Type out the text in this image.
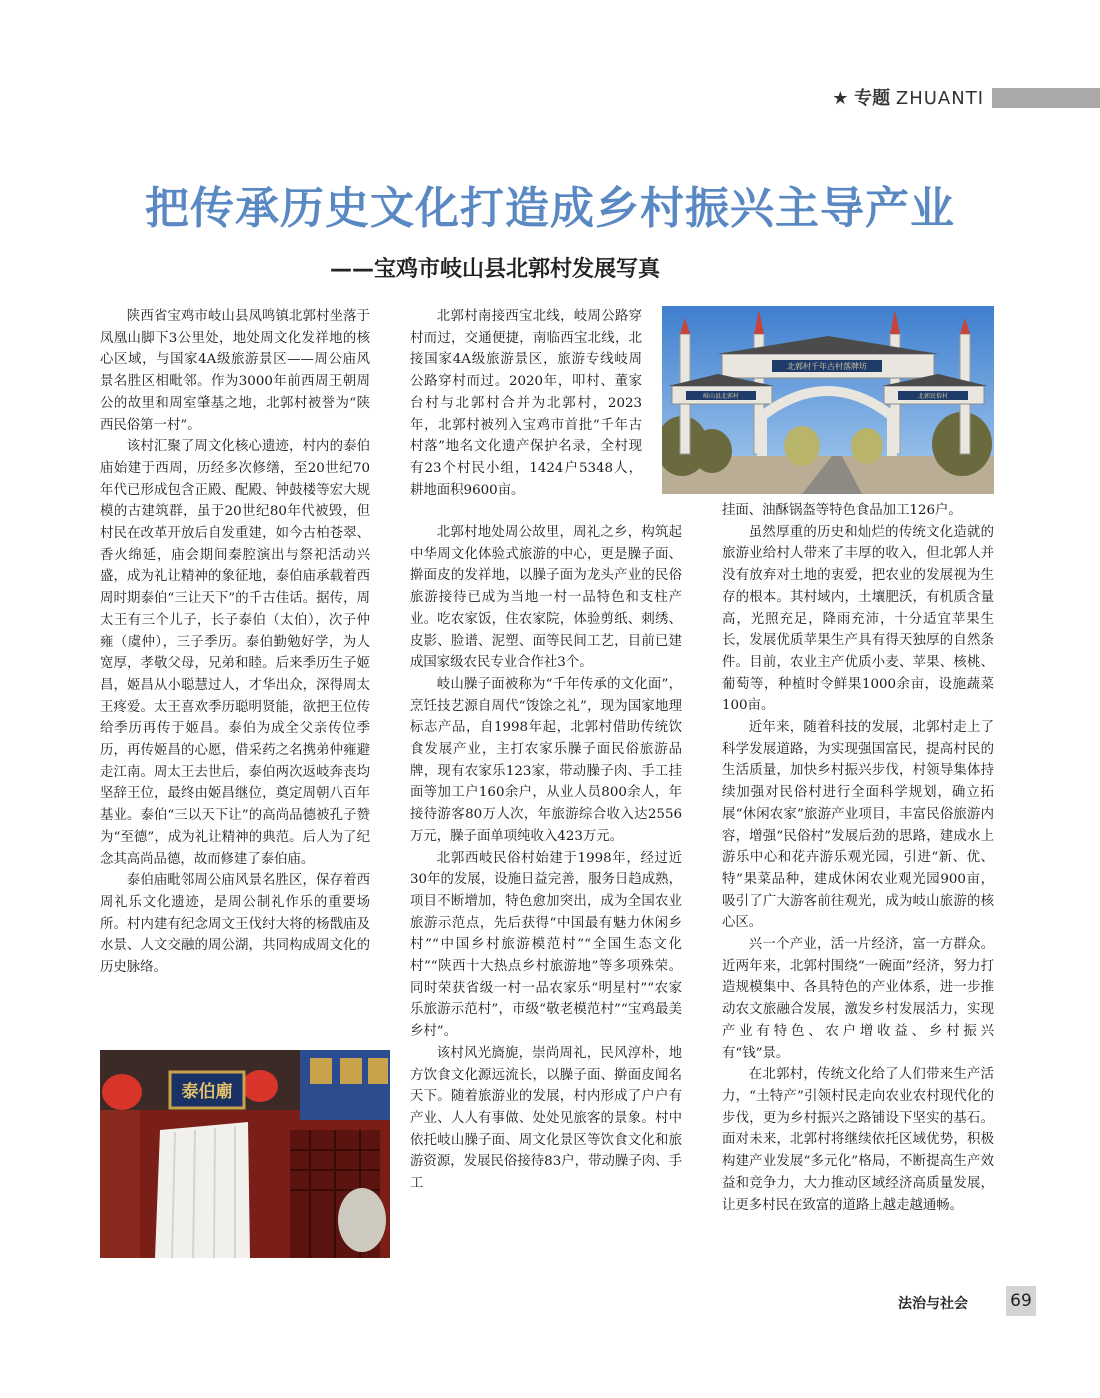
★ 专题 ZHUANTI
把传承历史文化打造成乡村振兴主导产业
——宝鸡市岐山县北郭村发展写真

陕西省宝鸡市岐山县凤鸣镇北郭村坐落于凤凰山脚下3公里处，地处周文化发祥地的核心区域，与国家4A级旅游景区——周公庙风景名胜区相毗邻。作为3000年前西周王朝周公的故里和周室肇基之地，北郭村被誉为“陕西民俗第一村”。

该村汇聚了周文化核心遗迹，村内的泰伯庙始建于西周，历经多次修缮，至20世纪70年代已形成包含正殿、配殿、钟鼓楼等宏大规模的古建筑群，虽于20世纪80年代被毁，但村民在改革开放后自发重建，如今古柏苍翠、香火绵延，庙会期间秦腔演出与祭祀活动兴盛，成为礼让精神的象征地，泰伯庙承载着西周时期泰伯“三让天下”的千古佳话。据传，周太王有三个儿子，长子泰伯（太伯），次子仲雍（虞仲），三子季历。泰伯勤勉好学，为人宽厚，孝敬父母，兄弟和睦。后来季历生子姬昌，姬昌从小聪慧过人，才华出众，深得周太王疼爱。太王喜欢季历聪明贤能，欲把王位传给季历再传于姬昌。泰伯为成全父亲传位季历，再传姬昌的心愿，借采药之名携弟仲雍避走江南。周太王去世后，泰伯两次返岐奔丧均坚辞王位，最终由姬昌继位，奠定周朝八百年基业。泰伯“三以天下让”的高尚品德被孔子赞为“至德”，成为礼让精神的典范。后人为了纪念其高尚品德，故而修建了泰伯庙。

泰伯庙毗邻周公庙风景名胜区，保存着西周礼乐文化遗迹，是周公制礼作乐的重要场所。村内建有纪念周文王伐纣大将的杨戬庙及水景、人文交融的周公湖，共同构成周文化的历史脉络。

北郭村南接西宝北线，岐周公路穿村而过，交通便捷，南临西宝北线，北接国家4A级旅游景区，旅游专线岐周公路穿村而过。2020年，叩村、董家台村与北郭村合并为北郭村，2023年，北郭村被列入宝鸡市首批“千年古村落”地名文化遗产保护名录，全村现有23个村民小组，1424户5348人，耕地面积9600亩。

北郭村地处周公故里，周礼之乡，构筑起中华周文化体验式旅游的中心，更是臊子面、擀面皮的发祥地，以臊子面为龙头产业的民俗旅游接待已成为当地一村一品特色和支柱产业。吃农家饭，住农家院，体验剪纸、刺绣、皮影、脸谱、泥塑、面等民间工艺，目前已建成国家级农民专业合作社3个。

岐山臊子面被称为“千年传承的文化面”，烹饪技艺源自周代“馂馀之礼”，现为国家地理标志产品，自1998年起，北郭村借助传统饮食发展产业，主打农家乐臊子面民俗旅游品牌，现有农家乐123家，带动臊子肉、手工挂面等加工户160余户，从业人员800余人，年接待游客80万人次，年旅游综合收入达2556万元，臊子面单项纯收入423万元。

北郭西岐民俗村始建于1998年，经过近30年的发展，设施日益完善，服务日趋成熟，项目不断增加，特色愈加突出，成为全国农业旅游示范点，先后获得“中国最有魅力休闲乡村”“中国乡村旅游模范村”“全国生态文化村”“陕西十大热点乡村旅游地”等多项殊荣。同时荣获省级一村一品农家乐“明星村”“农家乐旅游示范村”，市级“敬老模范村”“宝鸡最美乡村”。

该村风光旖旎，崇尚周礼，民风淳朴，地方饮食文化源远流长，以臊子面、擀面皮闻名天下。随着旅游业的发展，村内形成了户户有产业、人人有事做、处处见旅客的景象。村中依托岐山臊子面、周文化景区等饮食文化和旅游资源，发展民俗接待83户，带动臊子肉、手工

挂面、油酥锅盔等特色食品加工126户。

虽然厚重的历史和灿烂的传统文化造就的旅游业给村人带来了丰厚的收入，但北郭人并没有放弃对土地的衷爱，把农业的发展视为生存的根本。其村域内，土壤肥沃，有机质含量高，光照充足，降雨充沛，十分适宜苹果生长，发展优质苹果生产具有得天独厚的自然条件。目前，农业主产优质小麦、苹果、核桃、葡萄等，种植时令鲜果1000余亩，设施蔬菜100亩。

近年来，随着科技的发展，北郭村走上了科学发展道路，为实现强国富民，提高村民的生活质量，加快乡村振兴步伐，村领导集体持续加强对民俗村进行全面科学规划，确立拓展“休闲农家”旅游产业项目，丰富民俗旅游内容，增强“民俗村”发展后劲的思路，建成水上游乐中心和花卉游乐观光园，引进“新、优、特”果菜品种，建成休闲农业观光园900亩，吸引了广大游客前往观光，成为岐山旅游的核心区。

兴一个产业，活一片经济，富一方群众。近两年来，北郭村围绕“一碗面”经济，努力打造规模集中、各具特色的产业体系，进一步推动农文旅融合发展，激发乡村发展活力，实现产业有特色、农户增收益、乡村振兴有“钱”景。

在北郭村，传统文化给了人们带来生产活力，“土特产”引领村民走向农业农村现代化的步伐，更为乡村振兴之路铺设下坚实的基石。面对未来，北郭村将继续依托区域优势，积极构建产业发展“多元化”格局，不断提高生产效益和竞争力，大力推动区域经济高质量发展，让更多村民在致富的道路上越走越通畅。

北郭村千年古村落牌坊
岐山县北郭村	北郭民俗村
泰伯廟
法治与社会 69
